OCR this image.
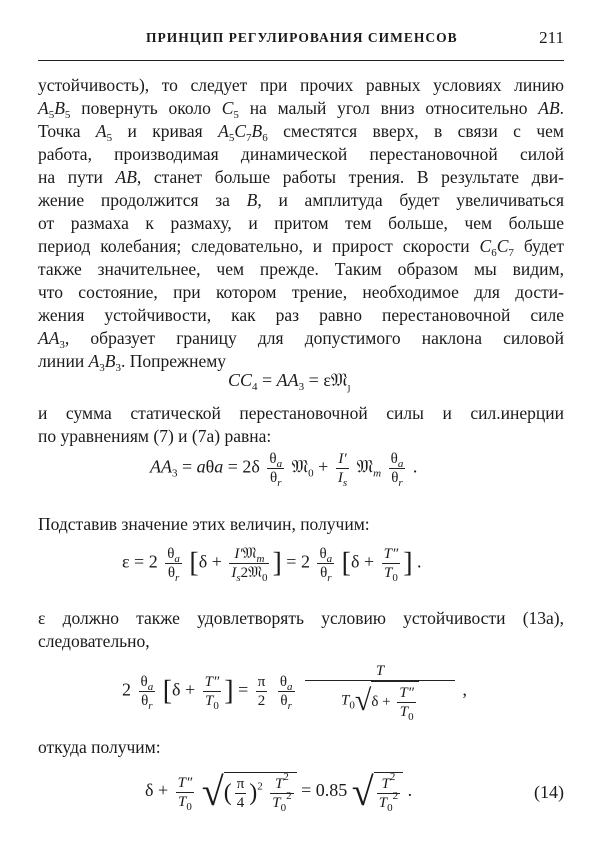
ПРИНЦИП РЕГУЛИРОВАНИЯ СИМЕНСОВ	211
устойчивость), то следует при прочих равных условиях линию
$A_5B_5$ повернуть около $C_5$ на малый угол вниз относительно AB.
Точка $A_5$ и кривая $A_5C_7B_6$ сместятся вверх, в связи с чем
работа, производимая динамической перестановочной силой
на пути AB, станет больше работы трения. В результате дви-
жение продолжится за B, и амплитуда будет увеличиваться
от размаха к размаху, и притом тем больше, чем больше
период колебания; следовательно, и прирост скорости $C_6C_7$ будет
также значительнее, чем прежде. Таким образом мы видим,
что состояние, при котором трение, необходимое для дости-
жения устойчивости, как раз равно перестановочной силе
$AA_3$, образует границу для допустимого наклона силовой
линии $A_3B_3$. Попрежнему
$CC_4 = AA_3$ = ε𝔐$_ȷ$
и сумма статической перестановочной силы и сил.инерции
по уравнениям (7) и (7а) равна:
$AA_3 = a\theta a = 2\delta \frac{\theta_a}{\theta_r}$ 𝔐$_0$ + $\frac{I'}{I_s}$ 𝔐$_m$ $\frac{\theta_a}{\theta_r}$ .
Подставив значение этих величин, получим:
$\varepsilon = 2 \frac{\theta_a}{\theta_r} [\delta + \frac{I'𝔐_m}{I_s2𝔐_0}$ ] = $2 \frac{\theta_a}{\theta_r} [\delta + \frac{T''}{T_0}$ ] .
ε должно также удовлетворять условию устойчивости (13а),
следовательно,
$2 \frac{\theta_a}{\theta_r} [\delta + \frac{T''}{T_0}$ ] = $\frac{\pi}{2}$
$\frac{\theta_a}{\theta_r}$
$\frac{T}{T_0√\delta + \frac{T''}{T_0}}$ ,
откуда получим:
$\delta + \frac{T''}{T_0}$ √( $\frac{\pi}{4} )^2 \frac{T^2}{T_0^2} = 0.85$ √ $\frac{T^2}{T_0^2}$ .	(14)
